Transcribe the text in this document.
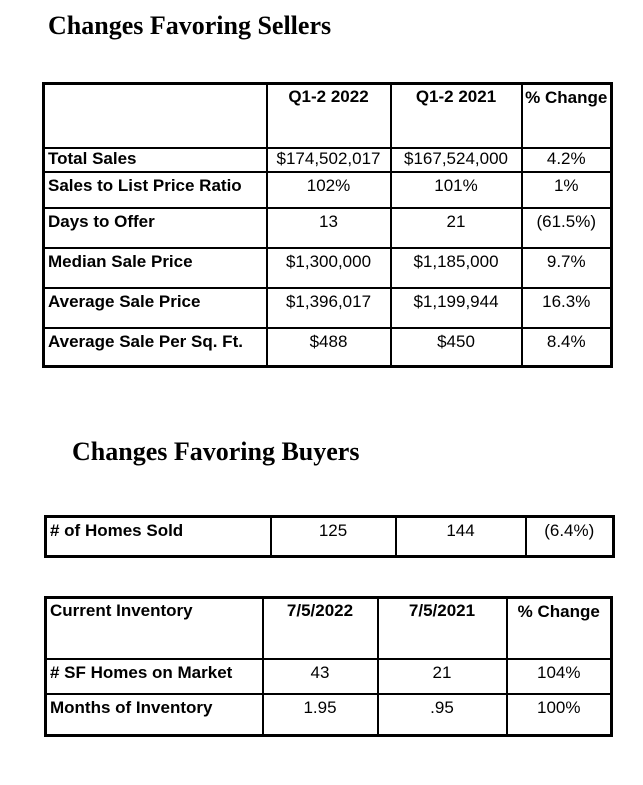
Changes Favoring Sellers
	Q1-2 2022	Q1-2 2021	% Change
Total Sales	$174,502,017	$167,524,000	4.2%
Sales to List Price Ratio	102%	101%	1%
Days to Offer	13	21	(61.5%)
Median Sale Price	$1,300,000	$1,185,000	9.7%
Average Sale Price	$1,396,017	$1,199,944	16.3%
Average Sale Per Sq. Ft.	$488	$450	8.4%
Changes Favoring Buyers
# of Homes Sold	125	144	(6.4%)
Current Inventory	7/5/2022	7/5/2021	% Change
# SF Homes on Market	43	21	104%
Months of Inventory	1.95	.95	100%
